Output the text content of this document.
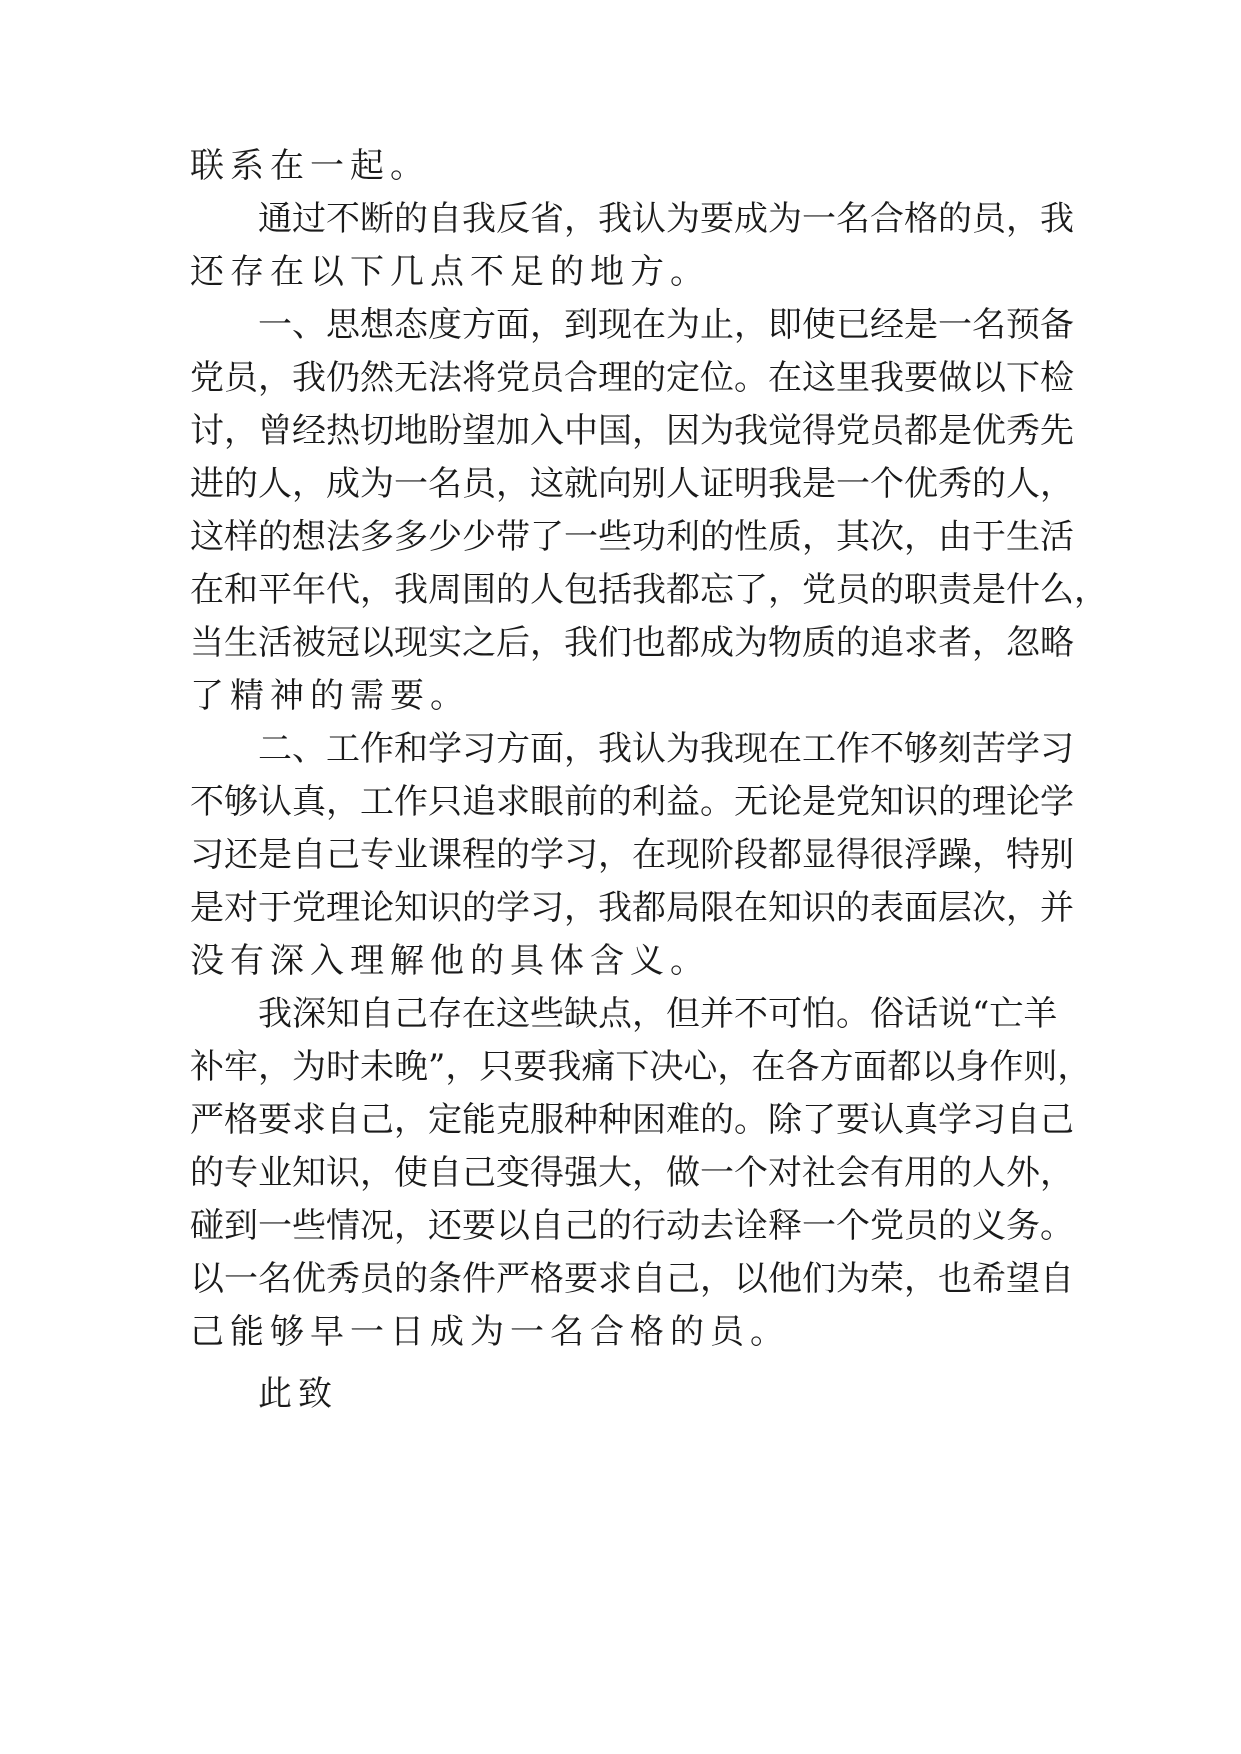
联系在一起。
通过不断的自我反省，我认为要成为一名合格的员，我
还存在以下几点不足的地方。
一、思想态度方面，到现在为止，即使已经是一名预备
党员，我仍然无法将党员合理的定位。在这里我要做以下检
讨，曾经热切地盼望加入中国，因为我觉得党员都是优秀先
进的人，成为一名员，这就向别人证明我是一个优秀的人，
这样的想法多多少少带了一些功利的性质，其次，由于生活
在和平年代，我周围的人包括我都忘了，党员的职责是什么，
当生活被冠以现实之后，我们也都成为物质的追求者，忽略
了精神的需要。
二、工作和学习方面，我认为我现在工作不够刻苦学习
不够认真，工作只追求眼前的利益。无论是党知识的理论学
习还是自己专业课程的学习，在现阶段都显得很浮躁，特别
是对于党理论知识的学习，我都局限在知识的表面层次，并
没有深入理解他的具体含义。
我深知自己存在这些缺点，但并不可怕。俗话说“亡羊
补牢，为时未晚”，只要我痛下决心，在各方面都以身作则，
严格要求自己，定能克服种种困难的。除了要认真学习自己
的专业知识，使自己变得强大，做一个对社会有用的人外，
碰到一些情况，还要以自己的行动去诠释一个党员的义务。
以一名优秀员的条件严格要求自己，以他们为荣，也希望自
己能够早一日成为一名合格的员。
此致
